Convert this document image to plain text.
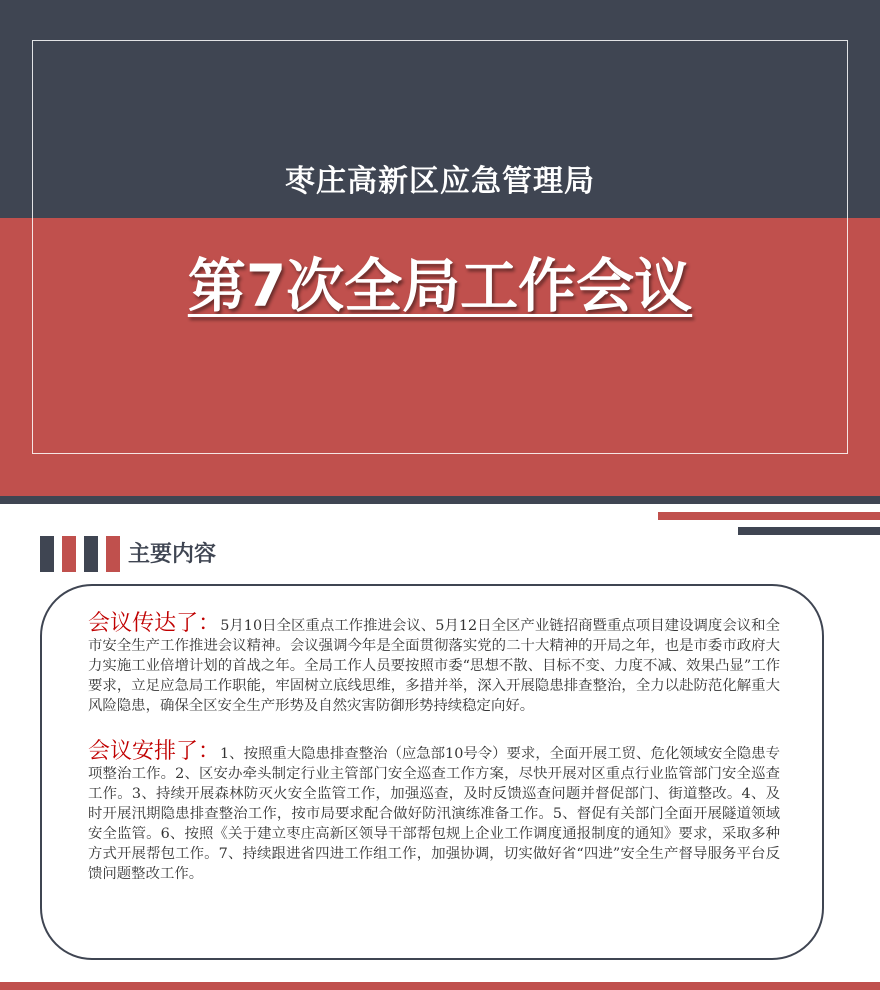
枣庄高新区应急管理局
第7次全局工作会议
主要内容
会议传达了：5月10日全区重点工作推进会议、5月12日全区产业链招商暨重点项目建设调度会议和全市安全生产工作推进会议精神。会议强调今年是全面贯彻落实党的二十大精神的开局之年，也是市委市政府大力实施工业倍增计划的首战之年。全局工作人员要按照市委“思想不散、目标不变、力度不减、效果凸显”工作要求，立足应急局工作职能，牢固树立底线思维，多措并举，深入开展隐患排查整治，全力以赴防范化解重大风险隐患，确保全区安全生产形势及自然灾害防御形势持续稳定向好。
会议安排了：1、按照重大隐患排查整治（应急部10号令）要求，全面开展工贸、危化领域安全隐患专项整治工作。2、区安办牵头制定行业主管部门安全巡查工作方案，尽快开展对区重点行业监管部门安全巡查工作。3、持续开展森林防灭火安全监管工作，加强巡查，及时反馈巡查问题并督促部门、街道整改。4、及时开展汛期隐患排查整治工作，按市局要求配合做好防汛演练准备工作。5、督促有关部门全面开展隧道领域安全监管。6、按照《关于建立枣庄高新区领导干部帮包规上企业工作调度通报制度的通知》要求，采取多种方式开展帮包工作。7、持续跟进省四进工作组工作，加强协调，切实做好省“四进”安全生产督导服务平台反馈问题整改工作。
